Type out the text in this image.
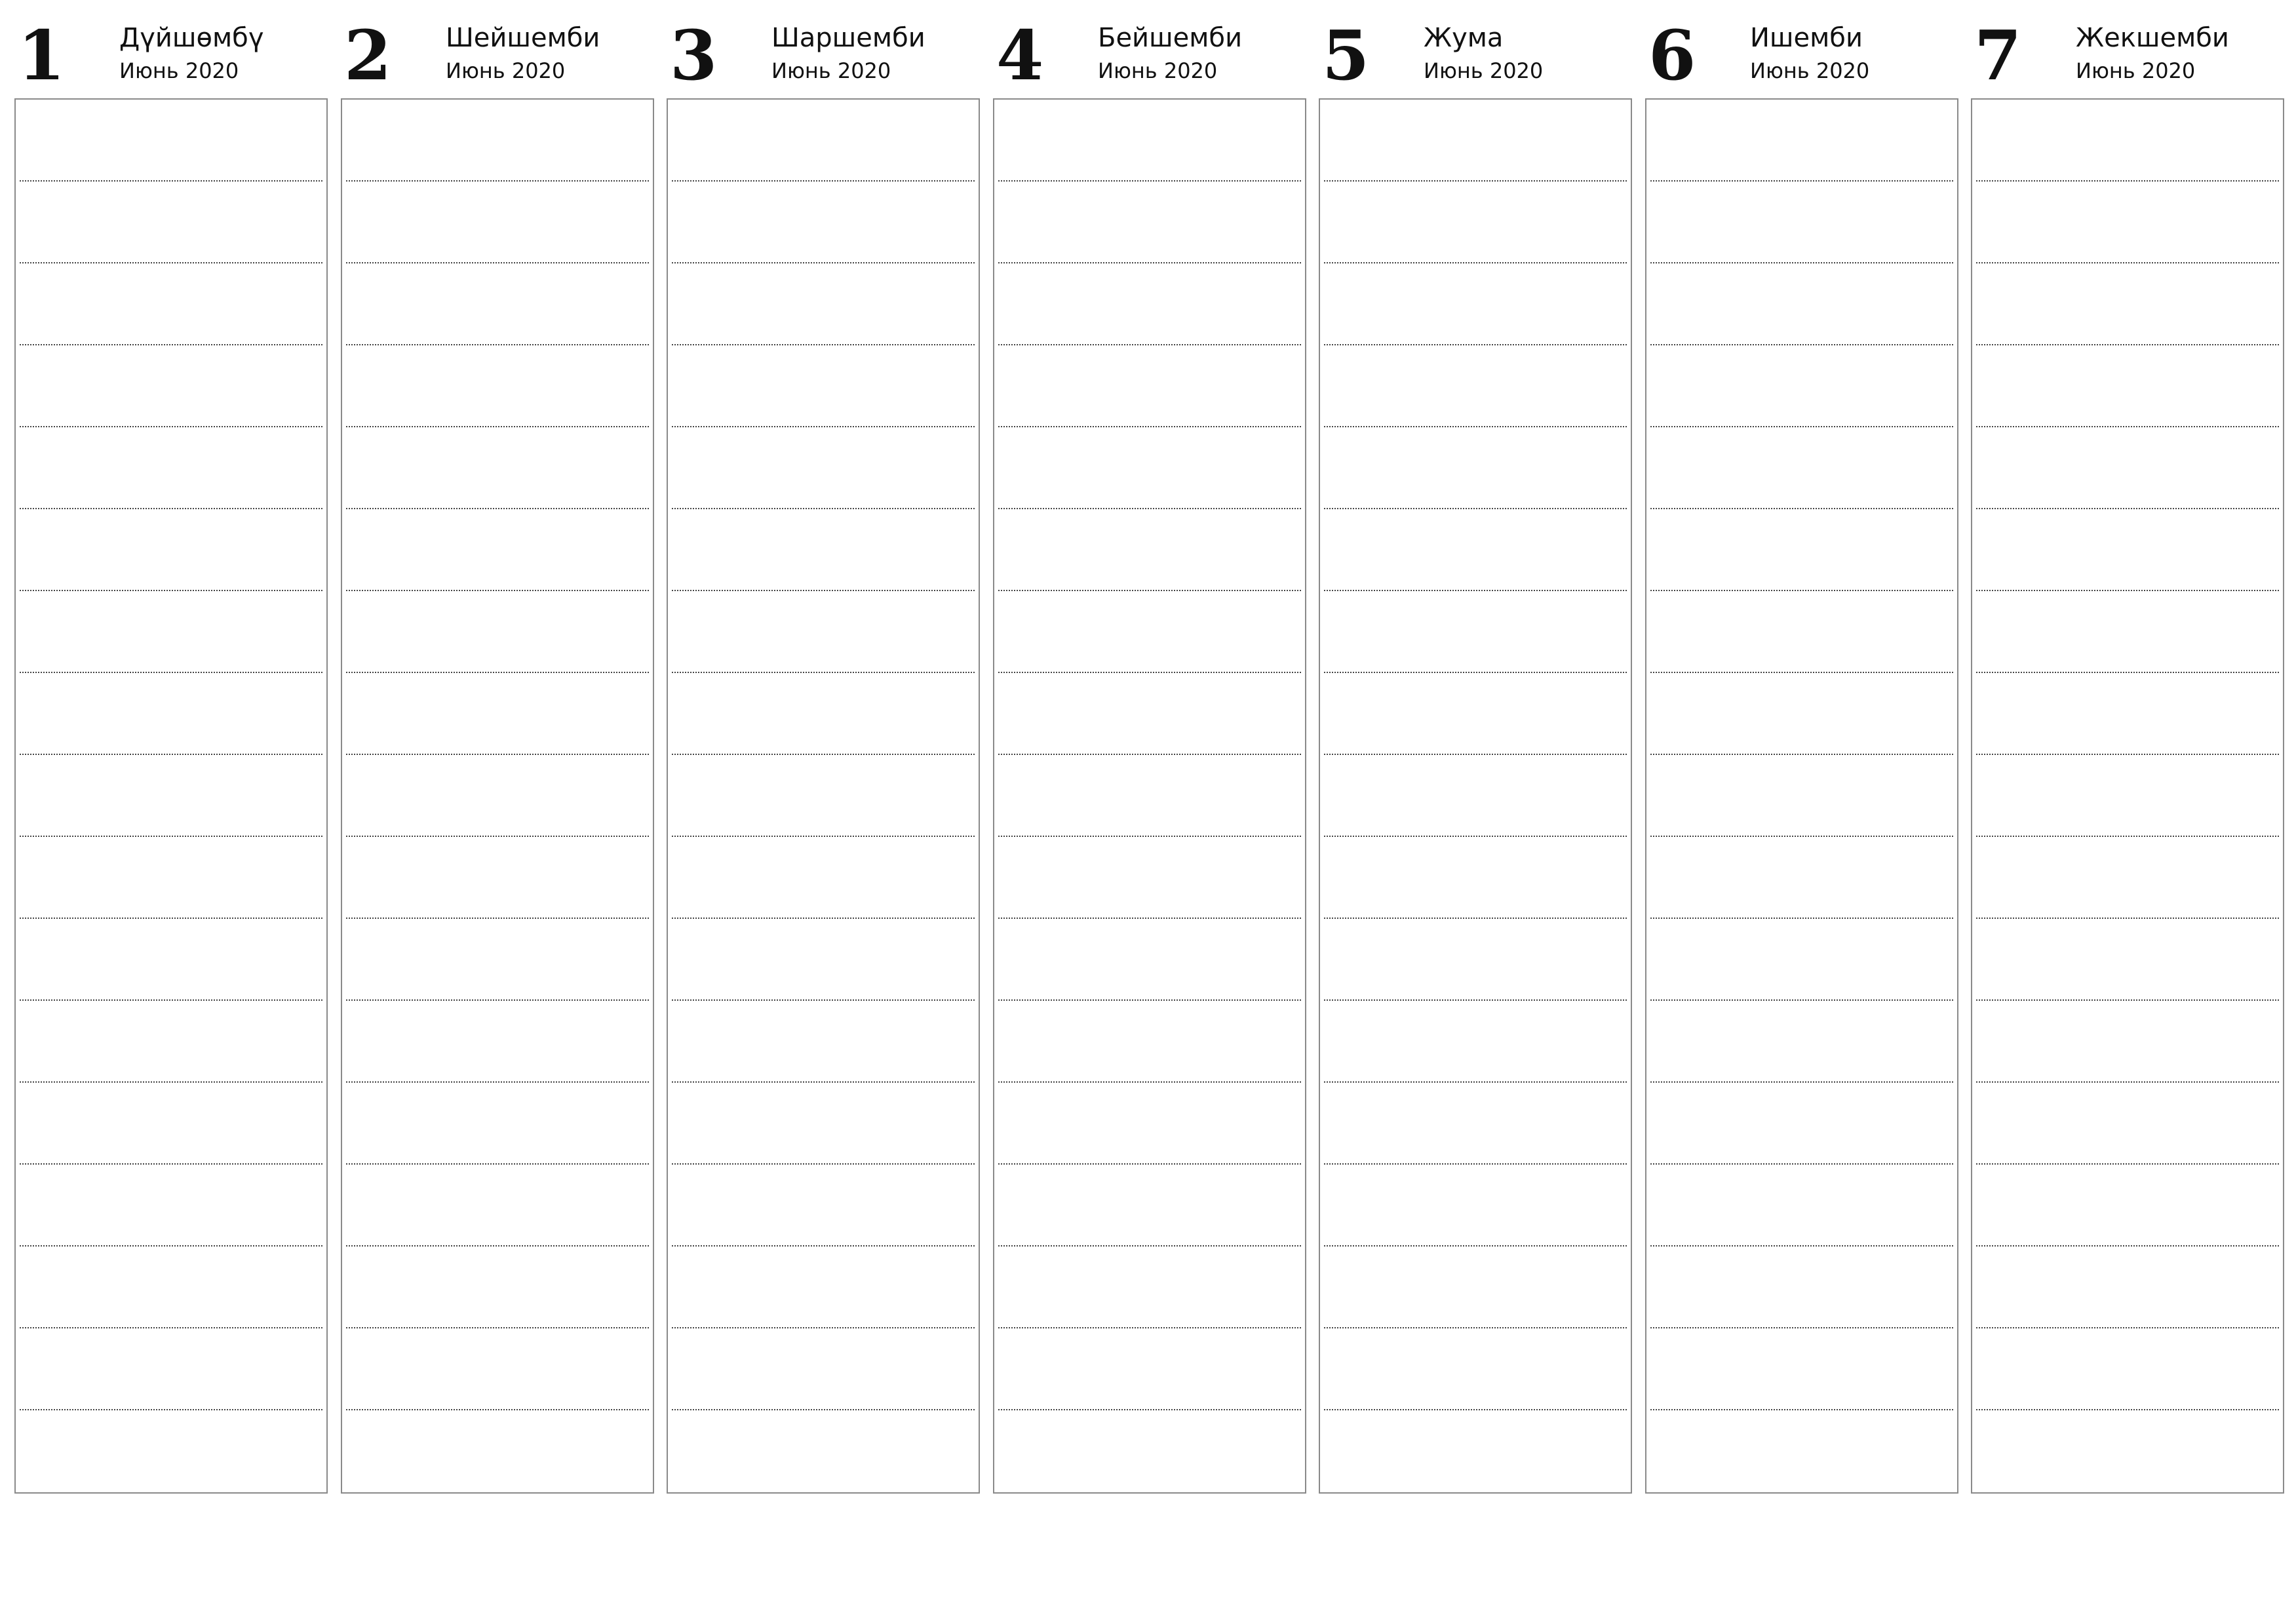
1 Дүйшөмбү
Июнь 2020 2 Шейшемби
Июнь 2020 3 Шаршемби
Июнь 2020 4 Бейшемби
Июнь 2020 5 Жума
Июнь 2020 6 Ишемби
Июнь 2020 7 Жекшемби
Июнь 2020
